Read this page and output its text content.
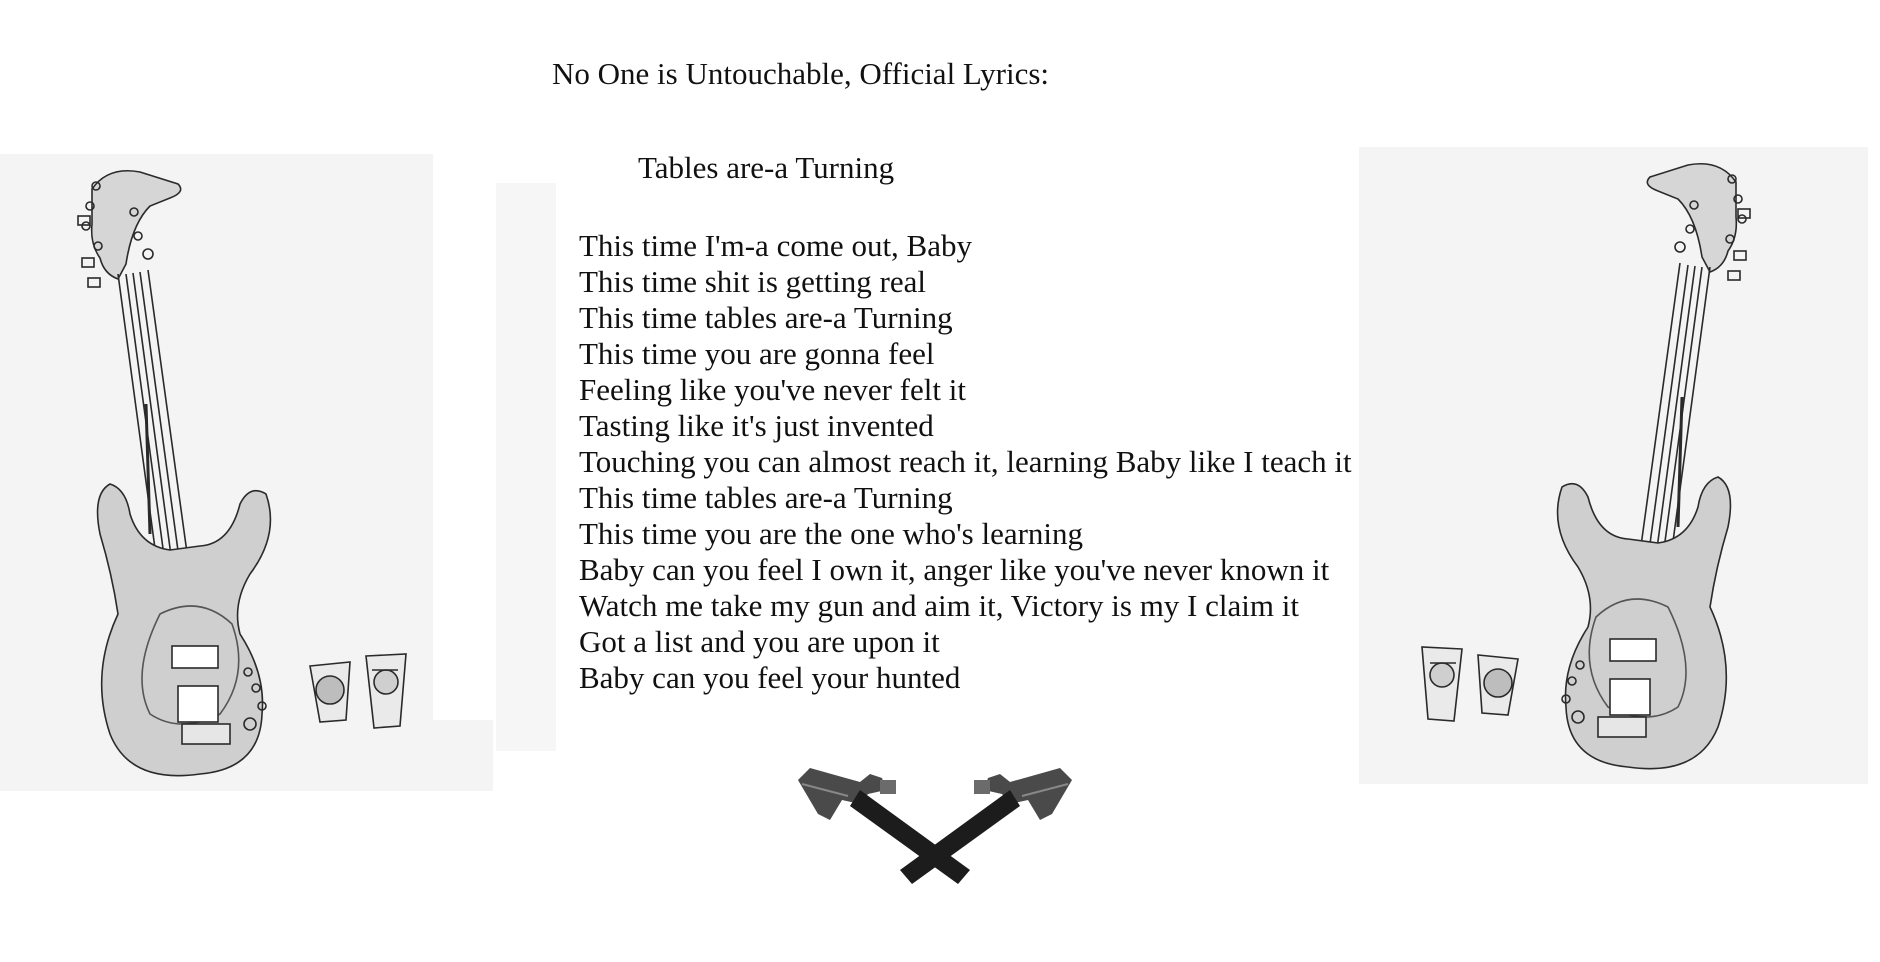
No One is Untouchable, Official Lyrics:
Tables are-a Turning
This time I'm-a come out, Baby
This time shit is getting real
This time tables are-a Turning
This time you are gonna feel
Feeling like you've never felt it
Tasting like it's just invented
Touching you can almost reach it, learning Baby like I teach it
This time tables are-a Turning
This time you are the one who's learning
Baby can you feel I own it, anger like you've never known it
Watch me take my gun and aim it, Victory is my I claim it
Got a list and you are upon it
Baby can you feel your hunted
